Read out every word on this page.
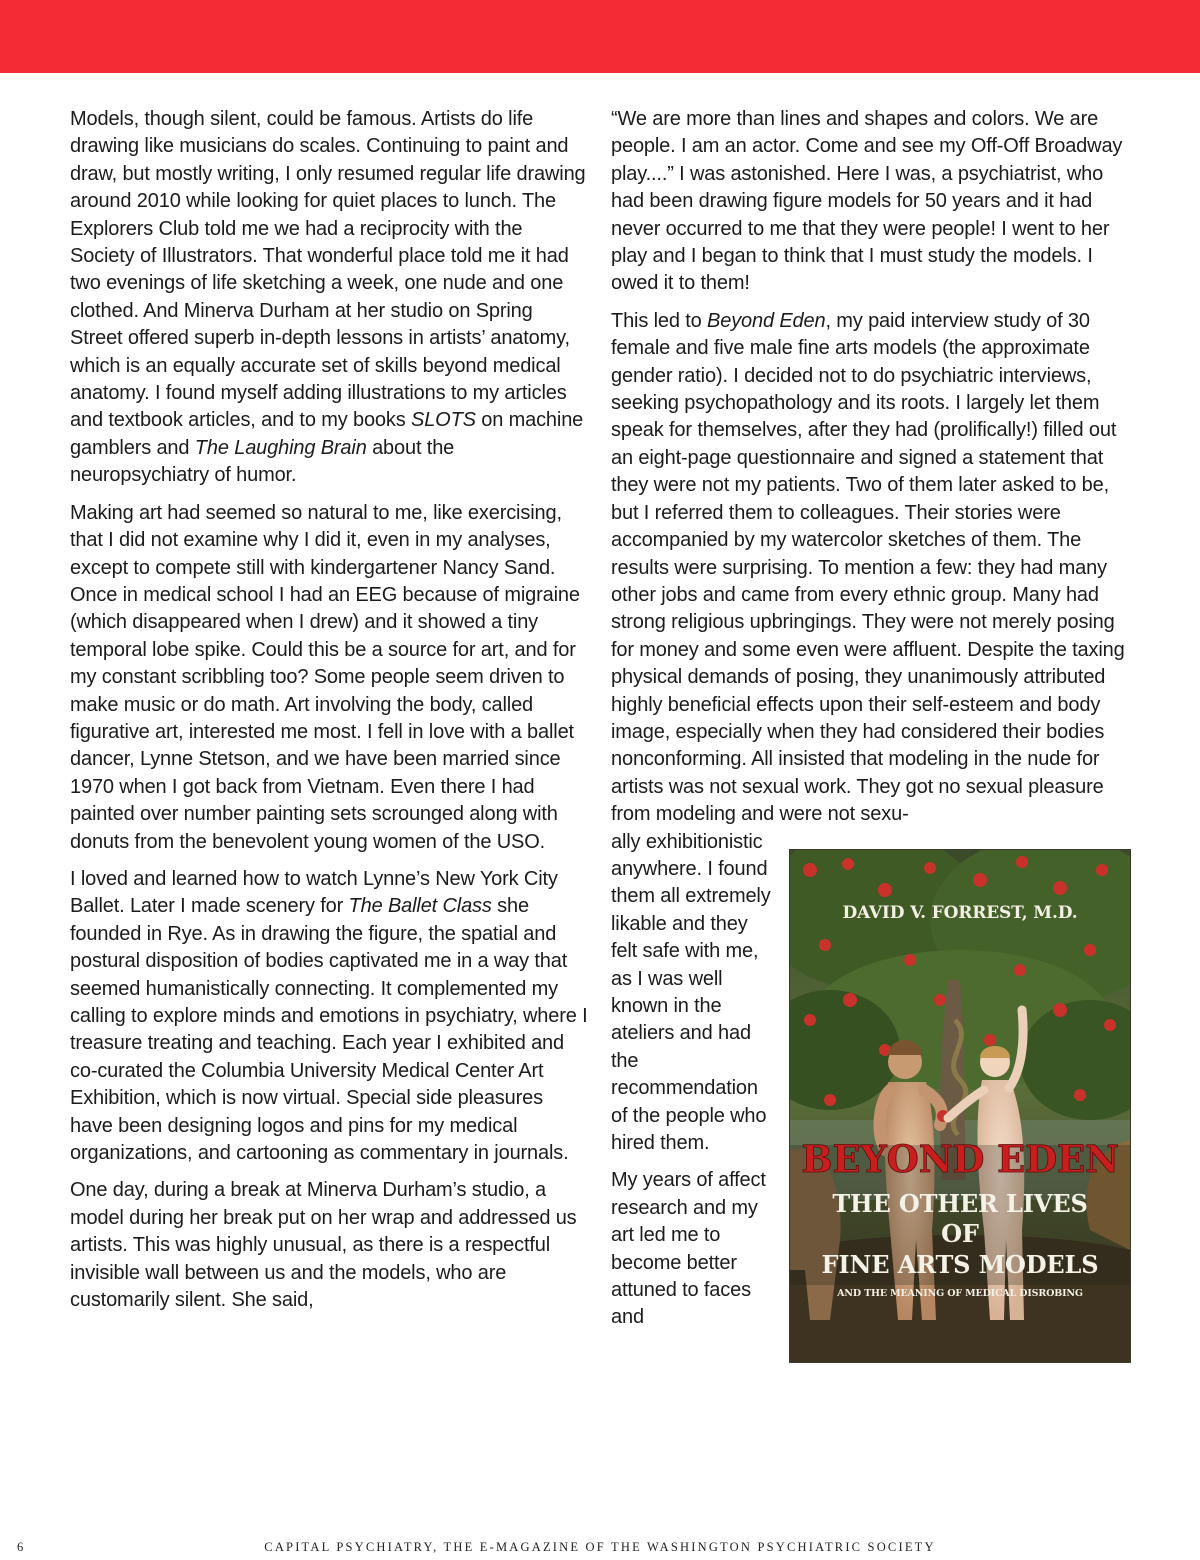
Models, though silent, could be famous. Artists do life drawing like musicians do scales. Continuing to paint and draw, but mostly writing, I only resumed regular life drawing around 2010 while looking for quiet places to lunch. The Explorers Club told me we had a reciprocity with the Society of Illustrators. That wonderful place told me it had two evenings of life sketching a week, one nude and one clothed. And Minerva Durham at her studio on Spring Street offered superb in-depth lessons in artists’ anatomy, which is an equally accurate set of skills beyond medical anatomy. I found myself adding illustrations to my articles and textbook articles, and to my books SLOTS on machine gamblers and The Laughing Brain about the neuropsychiatry of humor.

Making art had seemed so natural to me, like exercising, that I did not examine why I did it, even in my analyses, except to compete still with kindergartener Nancy Sand. Once in medical school I had an EEG because of migraine (which disappeared when I drew) and it showed a tiny temporal lobe spike. Could this be a source for art, and for my constant scribbling too? Some people seem driven to make music or do math. Art involving the body, called figurative art, interested me most. I fell in love with a ballet dancer, Lynne Stetson, and we have been married since 1970 when I got back from Vietnam. Even there I had painted over number painting sets scrounged along with donuts from the benevolent young women of the USO.

I loved and learned how to watch Lynne’s New York City Ballet. Later I made scenery for The Ballet Class she founded in Rye. As in drawing the figure, the spatial and postural disposition of bodies captivated me in a way that seemed humanistically connecting. It complemented my calling to explore minds and emotions in psychiatry, where I treasure treating and teaching. Each year I exhibited and co-curated the Columbia University Medical Center Art Exhibition, which is now virtual. Special side pleasures have been designing logos and pins for my medical organizations, and cartooning as commentary in journals.

One day, during a break at Minerva Durham’s studio, a model during her break put on her wrap and addressed us artists. This was highly unusual, as there is a respectful invisible wall between us and the models, who are customarily silent. She said,

“We are more than lines and shapes and colors. We are people. I am an actor. Come and see my Off-Off Broadway play....” I was astonished. Here I was, a psychiatrist, who had been drawing figure models for 50 years and it had never occurred to me that they were people! I went to her play and I began to think that I must study the models. I owed it to them!

This led to Beyond Eden, my paid interview study of 30 female and five male fine arts models (the approximate gender ratio). I decided not to do psychiatric interviews, seeking psychopathology and its roots. I largely let them speak for themselves, after they had (prolifically!) filled out an eight-page questionnaire and signed a statement that they were not my patients. Two of them later asked to be, but I referred them to colleagues. Their stories were accompanied by my watercolor sketches of them. The results were surprising. To mention a few: they had many other jobs and came from every ethnic group. Many had strong religious upbringings. They were not merely posing for money and some even were affluent. Despite the taxing physical demands of posing, they unanimously attributed highly beneficial effects upon their self-esteem and body image, especially when they had considered their bodies nonconforming. All insisted that modeling in the nude for artists was not sexual work. They got no sexual pleasure from modeling and were not sexu-

ally exhibitionistic anywhere. I found them all extremely likable and they felt safe with me, as I was well known in the ateliers and had the recommendation of the people who hired them.

My years of affect research and my art led me to become better attuned to faces and

DAVID V. FORREST, M.D.
BEYOND EDEN
THE OTHER LIVES
OF
FINE ARTS MODELS
AND THE MEANING OF MEDICAL DISROBING
6	CAPITAL PSYCHIATRY, THE E-MAGAZINE OF THE WASHINGTON PSYCHIATRIC SOCIETY
